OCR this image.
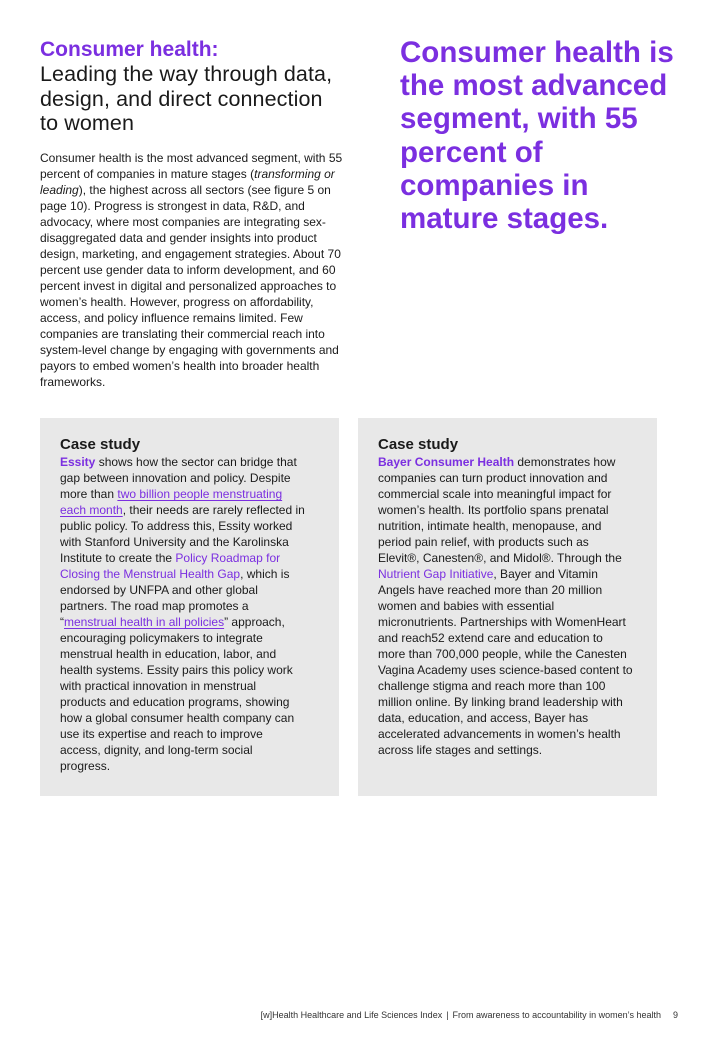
Consumer health:
Leading the way through data, design, and direct connection to women

Consumer health is the most advanced segment, with 55 percent of companies in mature stages (transforming or leading), the highest across all sectors (see figure 5 on page 10). Progress is strongest in data, R&D, and advocacy, where most companies are integrating sex-disaggregated data and gender insights into product design, marketing, and engagement strategies. About 70 percent use gender data to inform development, and 60 percent invest in digital and personalized approaches to women’s health. However, progress on affordability, access, and policy influence remains limited. Few companies are translating their commercial reach into system-level change by engaging with governments and payors to embed women’s health into broader health frameworks.

Consumer health is the most advanced segment, with 55 percent of companies in mature stages.

Case study

Essity shows how the sector can bridge that gap between innovation and policy. Despite more than two billion people menstruating each month, their needs are rarely reflected in public policy. To address this, Essity worked with Stanford University and the Karolinska Institute to create the Policy Roadmap for Closing the Menstrual Health Gap, which is endorsed by UNFPA and other global partners. The road map promotes a “menstrual health in all policies” approach, encouraging policymakers to integrate menstrual health in education, labor, and health systems. Essity pairs this policy work with practical innovation in menstrual products and education programs, showing how a global consumer health company can use its expertise and reach to improve access, dignity, and long-term social progress.

Case study

Bayer Consumer Health demonstrates how companies can turn product innovation and commercial scale into meaningful impact for women’s health. Its portfolio spans prenatal nutrition, intimate health, menopause, and period pain relief, with products such as Elevit®, Canesten®, and Midol®. Through the Nutrient Gap Initiative, Bayer and Vitamin Angels have reached more than 20 million women and babies with essential micronutrients. Partnerships with WomenHeart and reach52 extend care and education to more than 700,000 people, while the Canesten Vagina Academy uses science-based content to challenge stigma and reach more than 100 million online. By linking brand leadership with data, education, and access, Bayer has accelerated advancements in women’s health across life stages and settings.

[w]Health Healthcare and Life Sciences Index | From awareness to accountability in women’s health 9
